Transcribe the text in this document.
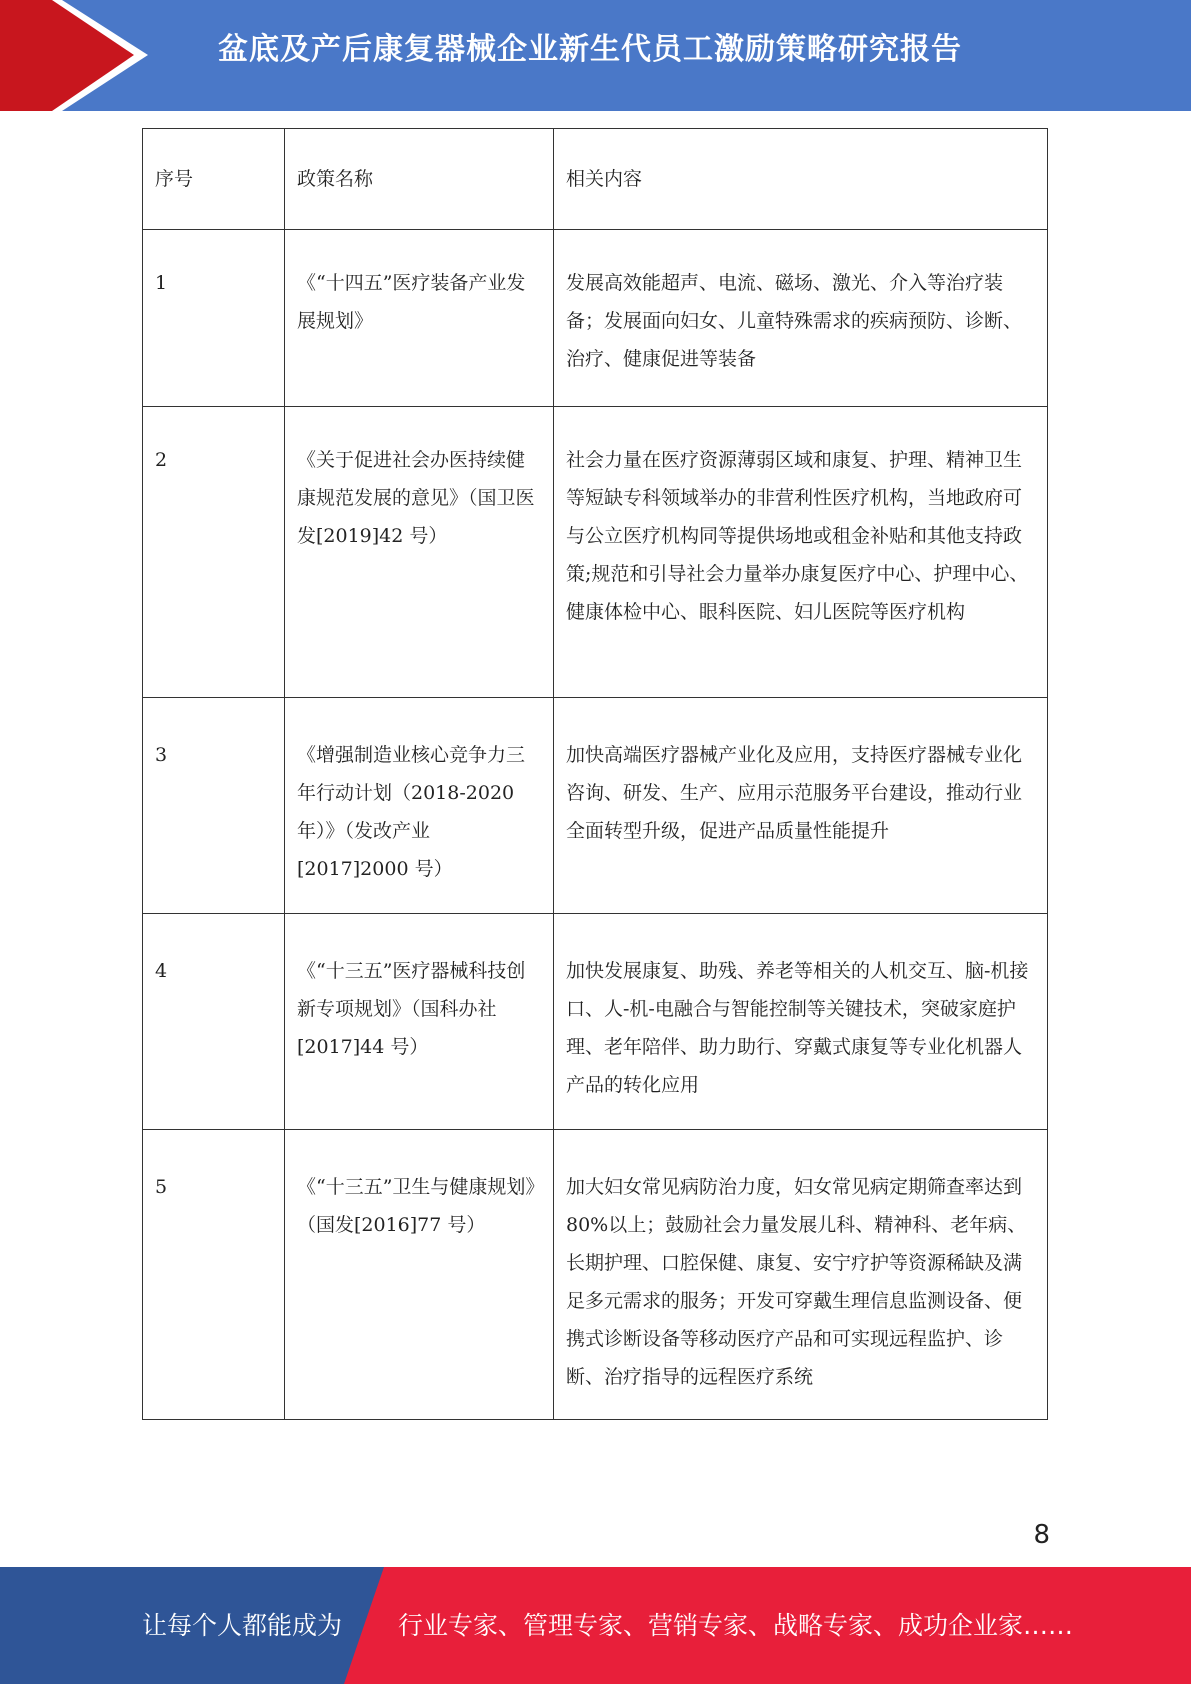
盆底及产后康复器械企业新生代员工激励策略研究报告
序号	政策名称	相关内容

1	《“十四五”医疗装备产业发展规划》	发展高效能超声、电流、磁场、激光、介入等治疗装备；发展面向妇女、儿童特殊需求的疾病预防、诊断、治疗、健康促进等装备

2	《关于促进社会办医持续健康规范发展的意见》（国卫医发[2019]42 号）	社会力量在医疗资源薄弱区域和康复、护理、精神卫生等短缺专科领域举办的非营利性医疗机构，当地政府可与公立医疗机构同等提供场地或租金补贴和其他支持政策;规范和引导社会力量举办康复医疗中心、护理中心、健康体检中心、眼科医院、妇儿医院等医疗机构

3	《增强制造业核心竞争力三年行动计划（2018-2020 年）》（发改产业[2017]2000 号）	加快高端医疗器械产业化及应用，支持医疗器械专业化咨询、研发、生产、应用示范服务平台建设，推动行业全面转型升级，促进产品质量性能提升

4	《“十三五”医疗器械科技创新专项规划》（国科办社[2017]44 号）	加快发展康复、助残、养老等相关的人机交互、脑-机接口、人-机-电融合与智能控制等关键技术，突破家庭护理、老年陪伴、助力助行、穿戴式康复等专业化机器人产品的转化应用

5	《“十三五”卫生与健康规划》（国发[2016]77 号）	加大妇女常见病防治力度，妇女常见病定期筛查率达到 80%以上；鼓励社会力量发展儿科、精神科、老年病、长期护理、口腔保健、康复、安宁疗护等资源稀缺及满足多元需求的服务；开发可穿戴生理信息监测设备、便携式诊断设备等移动医疗产品和可实现远程监护、诊断、治疗指导的远程医疗系统
8
让每个人都能成为 行业专家、管理专家、营销专家、战略专家、成功企业家……
